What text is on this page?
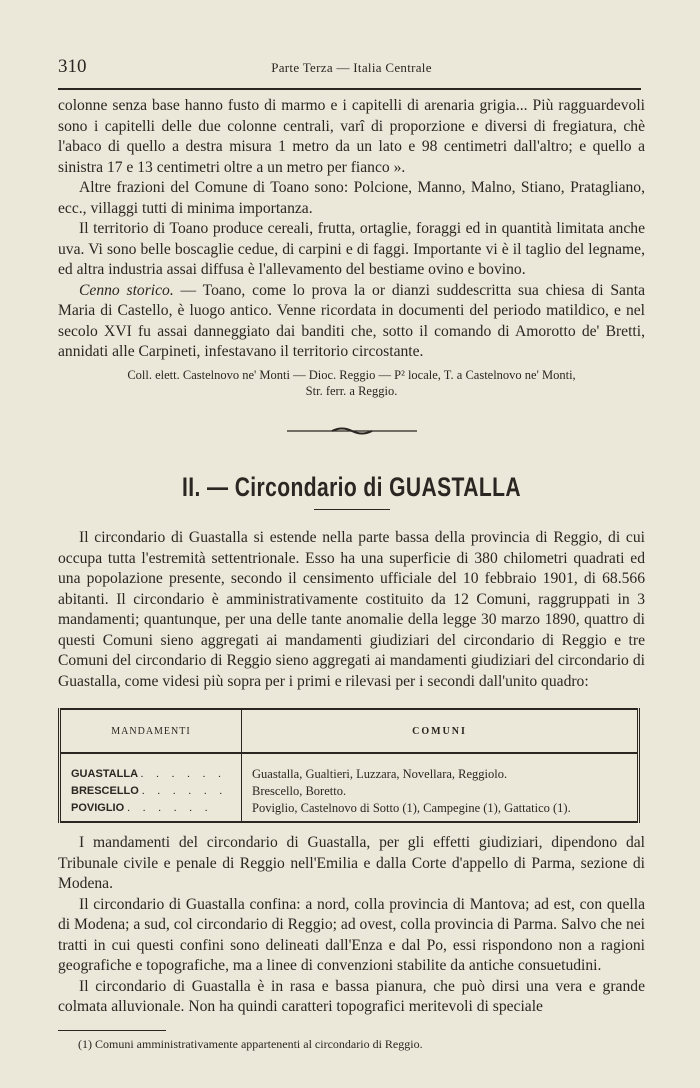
310	Parte Terza — Italia Centrale

colonne senza base hanno fusto di marmo e i capitelli di arenaria grigia... Più ragguardevoli sono i capitelli delle due colonne centrali, varî di proporzione e diversi di fregiatura, chè l'abaco di quello a destra misura 1 metro da un lato e 98 centimetri dall'altro; e quello a sinistra 17 e 13 centimetri oltre a un metro per fianco ».

Altre frazioni del Comune di Toano sono: Polcione, Manno, Malno, Stiano, Pratagliano, ecc., villaggi tutti di minima importanza.

Il territorio di Toano produce cereali, frutta, ortaglie, foraggi ed in quantità limitata anche uva. Vi sono belle boscaglie cedue, di carpini e di faggi. Importante vi è il taglio del legname, ed altra industria assai diffusa è l'allevamento del bestiame ovino e bovino.

Cenno storico. — Toano, come lo prova la or dianzi suddescritta sua chiesa di Santa Maria di Castello, è luogo antico. Venne ricordata in documenti del periodo matildico, e nel secolo XVI fu assai danneggiato dai banditi che, sotto il comando di Amorotto de' Bretti, annidati alle Carpineti, infestavano il territorio circostante.

Coll. elett. Castelnovo ne' Monti — Dioc. Reggio — P² locale, T. a Castelnovo ne' Monti,
Str. ferr. a Reggio.

II. — Circondario di GUASTALLA

Il circondario di Guastalla si estende nella parte bassa della provincia di Reggio, di cui occupa tutta l'estremità settentrionale. Esso ha una superficie di 380 chilometri quadrati ed una popolazione presente, secondo il censimento ufficiale del 10 febbraio 1901, di 68.566 abitanti. Il circondario è amministrativamente costituito da 12 Comuni, raggruppati in 3 mandamenti; quantunque, per una delle tante anomalie della legge 30 marzo 1890, quattro di questi Comuni sieno aggregati ai mandamenti giudiziari del circondario di Reggio e tre Comuni del circondario di Reggio sieno aggregati ai mandamenti giudiziari del circondario di Guastalla, come videsi più sopra per i primi e rilevasi per i secondi dall'unito quadro:

MANDAMENTI	COMUNI
GUASTALLA . . . . . .	Guastalla, Gualtieri, Luzzara, Novellara, Reggiolo.
BRESCELLO . . . . . .	Brescello, Boretto.
POVIGLIO . . . . . .	Poviglio, Castelnovo di Sotto (1), Campegine (1), Gattatico (1).

I mandamenti del circondario di Guastalla, per gli effetti giudiziari, dipendono dal Tribunale civile e penale di Reggio nell'Emilia e dalla Corte d'appello di Parma, sezione di Modena.

Il circondario di Guastalla confina: a nord, colla provincia di Mantova; ad est, con quella di Modena; a sud, col circondario di Reggio; ad ovest, colla provincia di Parma. Salvo che nei tratti in cui questi confini sono delineati dall'Enza e dal Po, essi rispondono non a ragioni geografiche e topografiche, ma a linee di convenzioni stabilite da antiche consuetudini.

Il circondario di Guastalla è in rasa e bassa pianura, che può dirsi una vera e grande colmata alluvionale. Non ha quindi caratteri topografici meritevoli di speciale

(1) Comuni amministrativamente appartenenti al circondario di Reggio.
